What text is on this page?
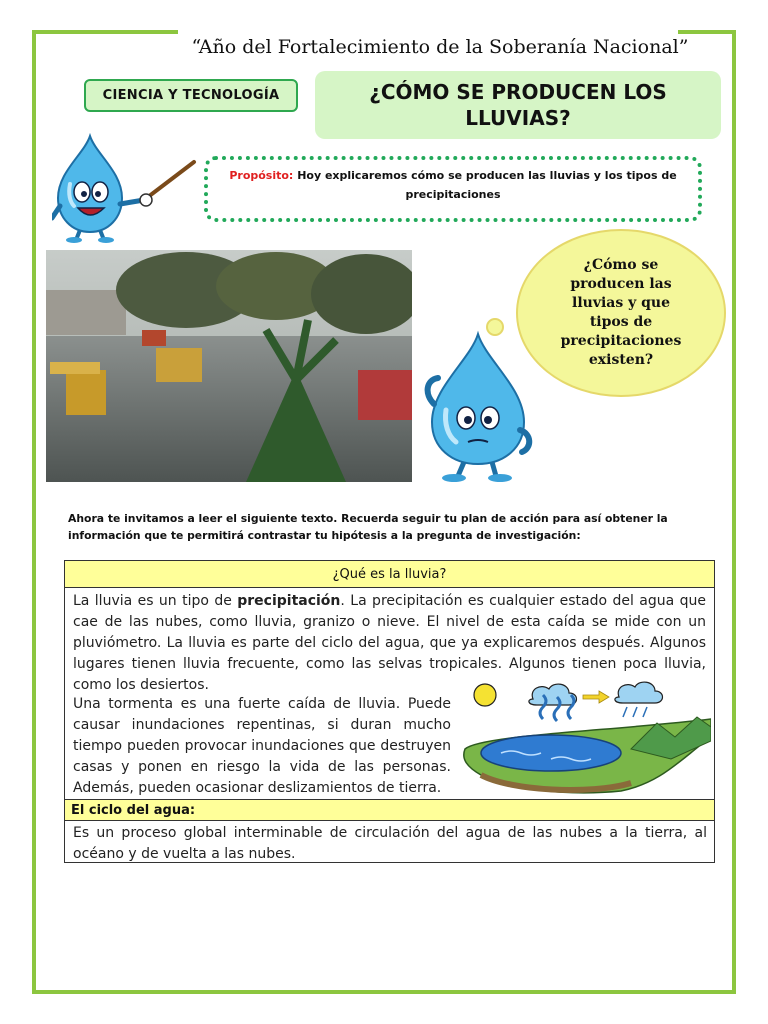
“Año del Fortalecimiento de la Soberanía Nacional”
CIENCIA Y TECNOLOGÍA	¿CÓMO SE PRODUCEN LOS LLUVIAS?
Propósito: Hoy explicaremos cómo se producen las lluvias y los tipos de precipitaciones
¿Cómo se producen las lluvias y que tipos de precipitaciones existen?
Ahora te invitamos a leer el siguiente texto. Recuerda seguir tu plan de acción para así obtener la información que te permitirá contrastar tu hipótesis a la pregunta de investigación:
¿Qué es la lluvia?
La lluvia es un tipo de precipitación. La precipitación es cualquier estado del agua que cae de las nubes, como lluvia, granizo o nieve. El nivel de esta caída se mide con un pluviómetro. La lluvia es parte del ciclo del agua, que ya explicaremos después. Algunos lugares tienen lluvia frecuente, como las selvas tropicales. Algunos tienen poca lluvia, como los desiertos.
Una tormenta es una fuerte caída de lluvia. Puede causar inundaciones repentinas, si duran mucho tiempo pueden provocar inundaciones que destruyen casas y ponen en riesgo la vida de las personas. Además, pueden ocasionar deslizamientos de tierra.
El ciclo del agua:
Es un proceso global interminable de circulación del agua de las nubes a la tierra, al océano y de vuelta a las nubes.
